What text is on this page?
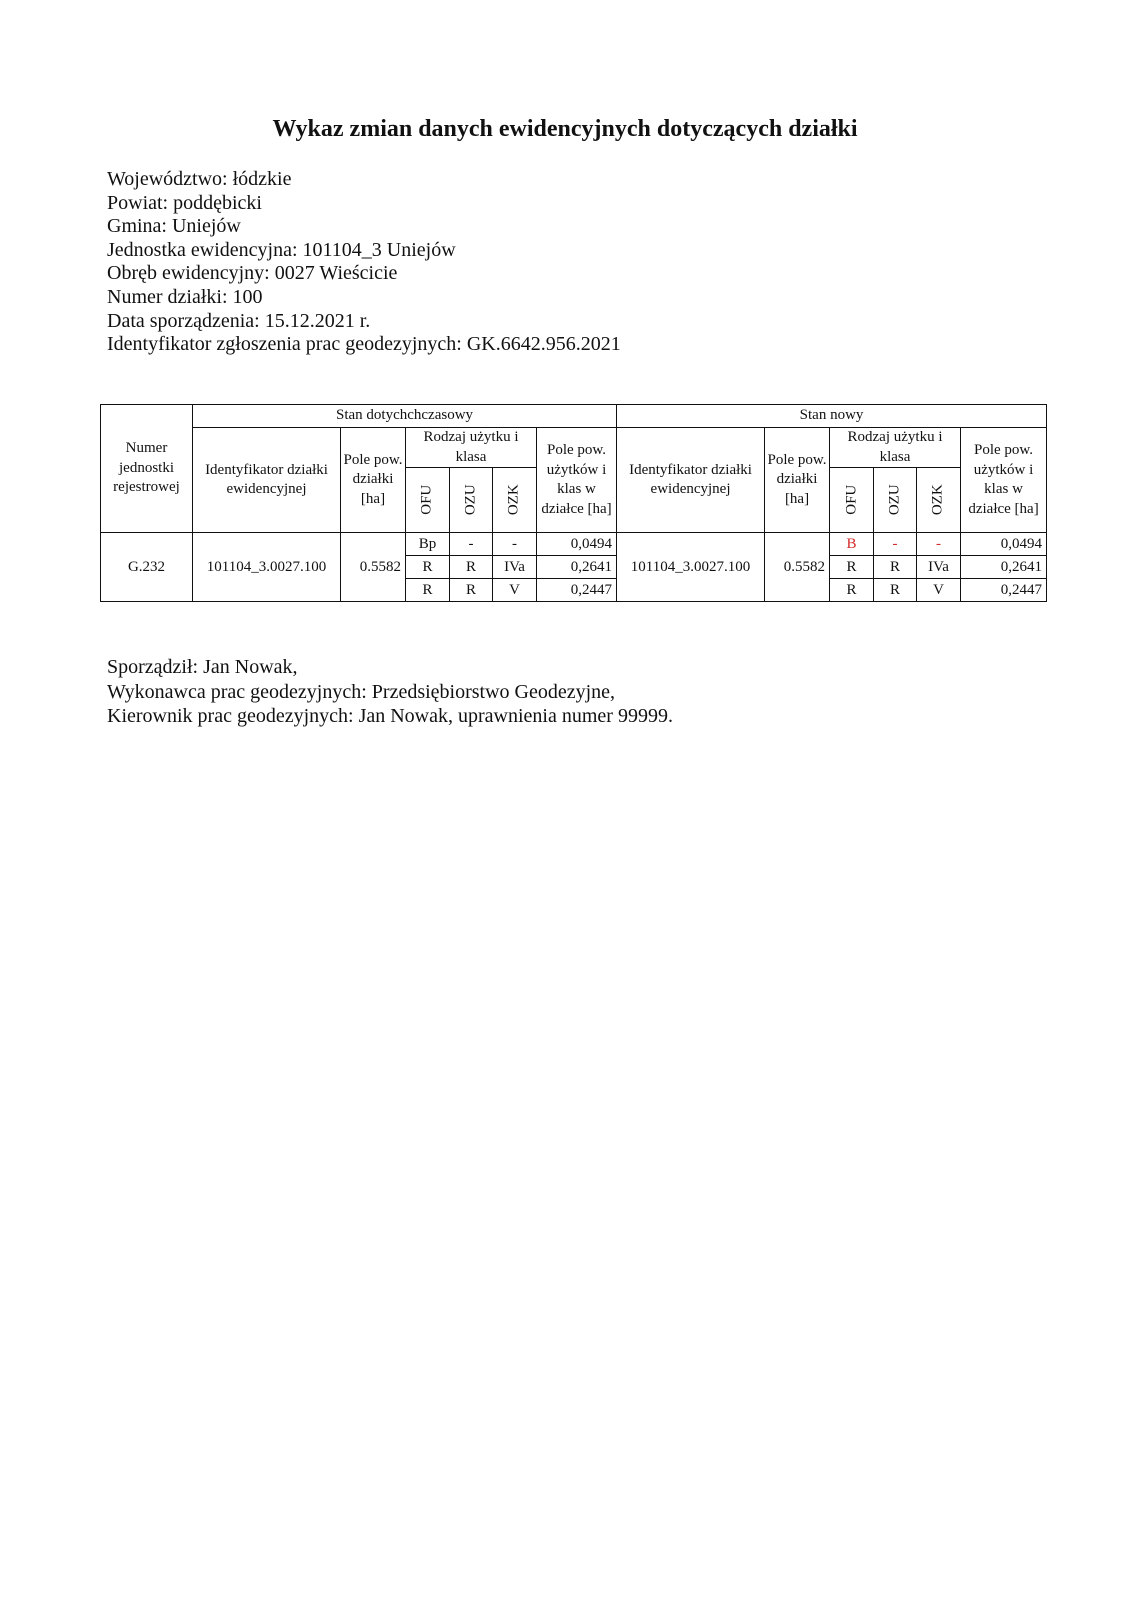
Wykaz zmian danych ewidencyjnych dotyczących działki
Województwo: łódzkie
Powiat: poddębicki
Gmina: Uniejów
Jednostka ewidencyjna: 101104_3 Uniejów
Obręb ewidencyjny: 0027 Wieścicie
Numer działki: 100
Data sporządzenia: 15.12.2021 r.
Identyfikator zgłoszenia prac geodezyjnych: GK.6642.956.2021
Numer jednostki rejestrowej	Stan dotychchczasowy						Stan nowy					
	Identyfikator działki ewidencyjnej	Pole pow. działki [ha]	Rodzaj użytku i klasa			Pole pow. użytków i klas w działce [ha]	Identyfikator działki ewidencyjnej	Pole pow. działki [ha]	Rodzaj użytku i klasa			Pole pow. użytków i klas w działce [ha]
			OFU	OZU	OZK				OFU	OZU	OZK	
G.232	101104_3.0027.100	0.5582	Bp	-	-	0,0494	101104_3.0027.100	0.5582	B	-	-	0,0494
			R	R	IVa	0,2641			R	R	IVa	0,2641
			R	R	V	0,2447			R	R	V	0,2447
Sporządził: Jan Nowak,
Wykonawca prac geodezyjnych: Przedsiębiorstwo Geodezyjne,
Kierownik prac geodezyjnych: Jan Nowak, uprawnienia numer 99999.
